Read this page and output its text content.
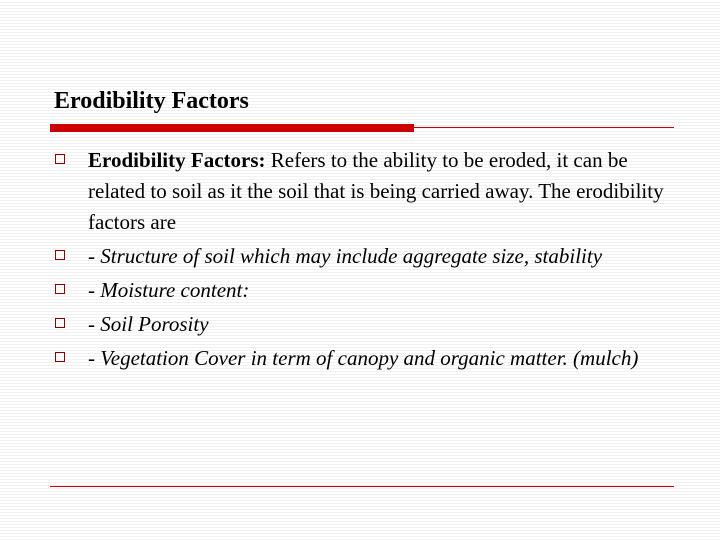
Erodibility Factors
Erodibility Factors: Refers to the ability to be eroded, it can be related to soil as it the soil that is being carried away. The erodibility factors are
- Structure of soil which may include aggregate size, stability
- Moisture content:
- Soil Porosity
- Vegetation Cover in term of canopy and organic matter. (mulch)
